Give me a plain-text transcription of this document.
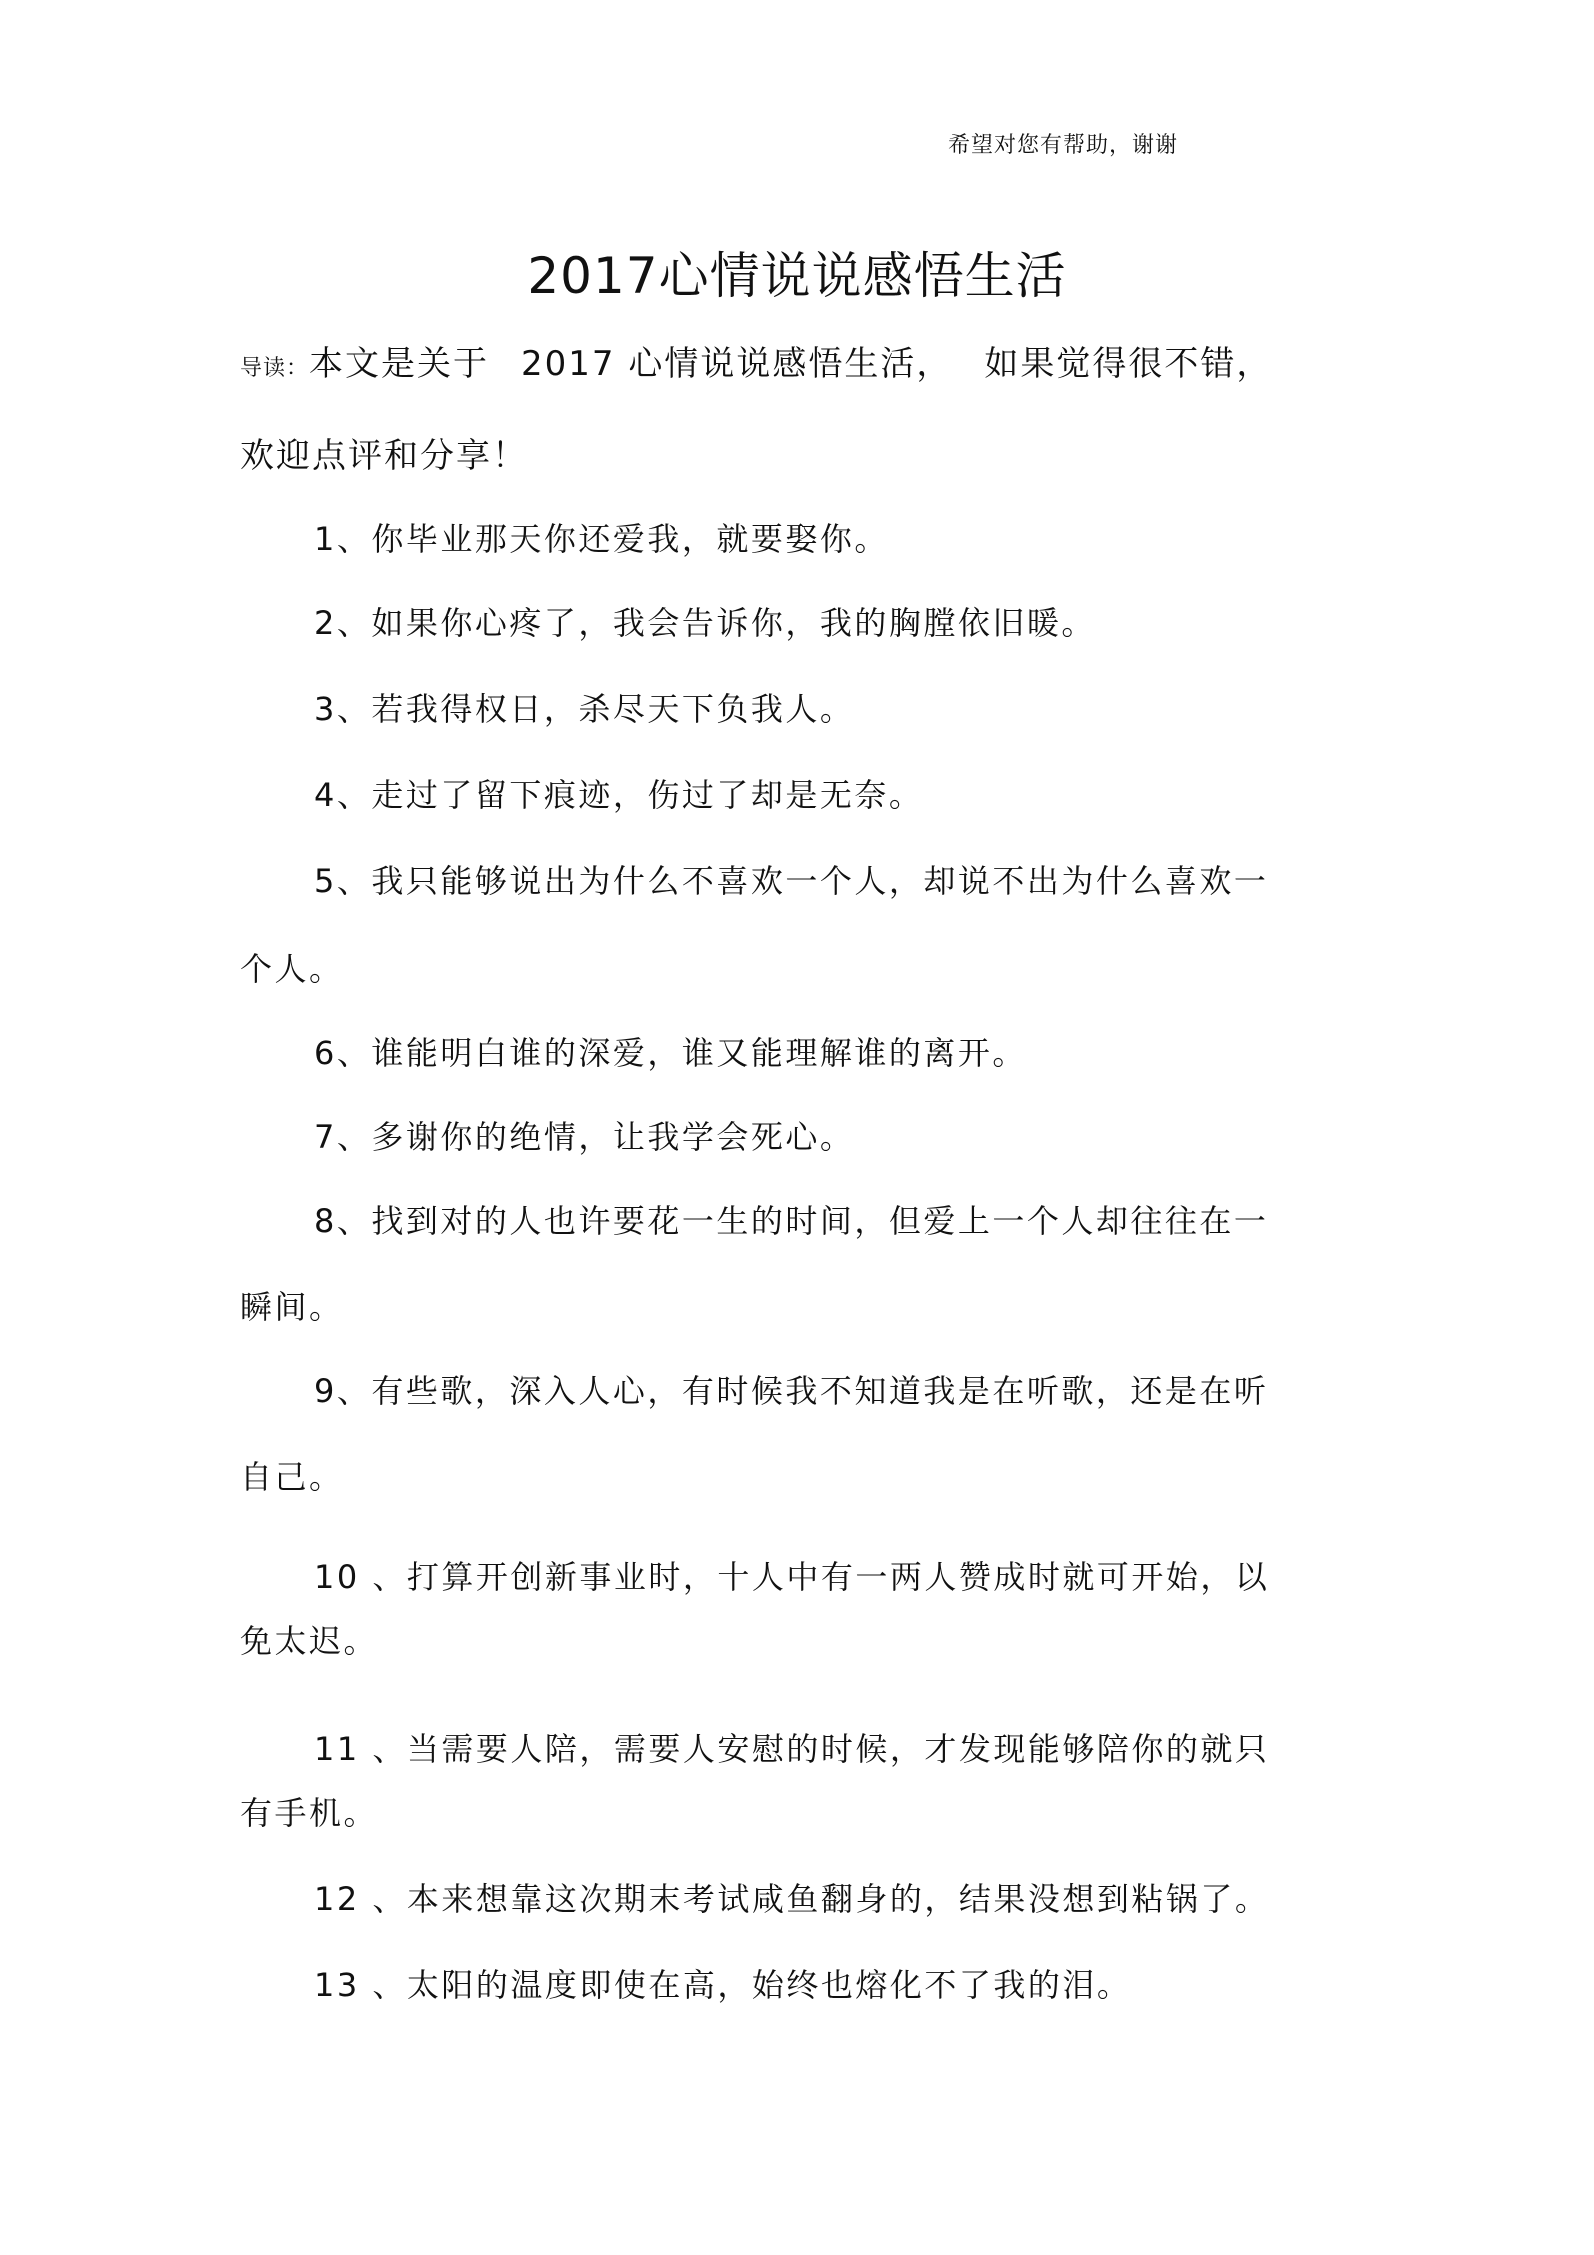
希望对您有帮助，谢谢
2017心情说说感悟生活
导读：本文是关于 2017 心情说说感悟生活， 如果觉得很不错，
欢迎点评和分享！
1、你毕业那天你还爱我，就要娶你。
2、如果你心疼了，我会告诉你，我的胸膛依旧暖。
3、若我得权日，杀尽天下负我人。
4、走过了留下痕迹，伤过了却是无奈。
5、我只能够说出为什么不喜欢一个人，却说不出为什么喜欢一
个人。
6、谁能明白谁的深爱，谁又能理解谁的离开。
7、多谢你的绝情，让我学会死心。
8、找到对的人也许要花一生的时间，但爱上一个人却往往在一
瞬间。
9、有些歌，深入人心，有时候我不知道我是在听歌，还是在听
自己。
10 、打算开创新事业时，十人中有一两人赞成时就可开始，以
免太迟。
11 、当需要人陪，需要人安慰的时候，才发现能够陪你的就只
有手机。
12 、本来想靠这次期末考试咸鱼翻身的，结果没想到粘锅了。
13 、太阳的温度即使在高，始终也熔化不了我的泪。
